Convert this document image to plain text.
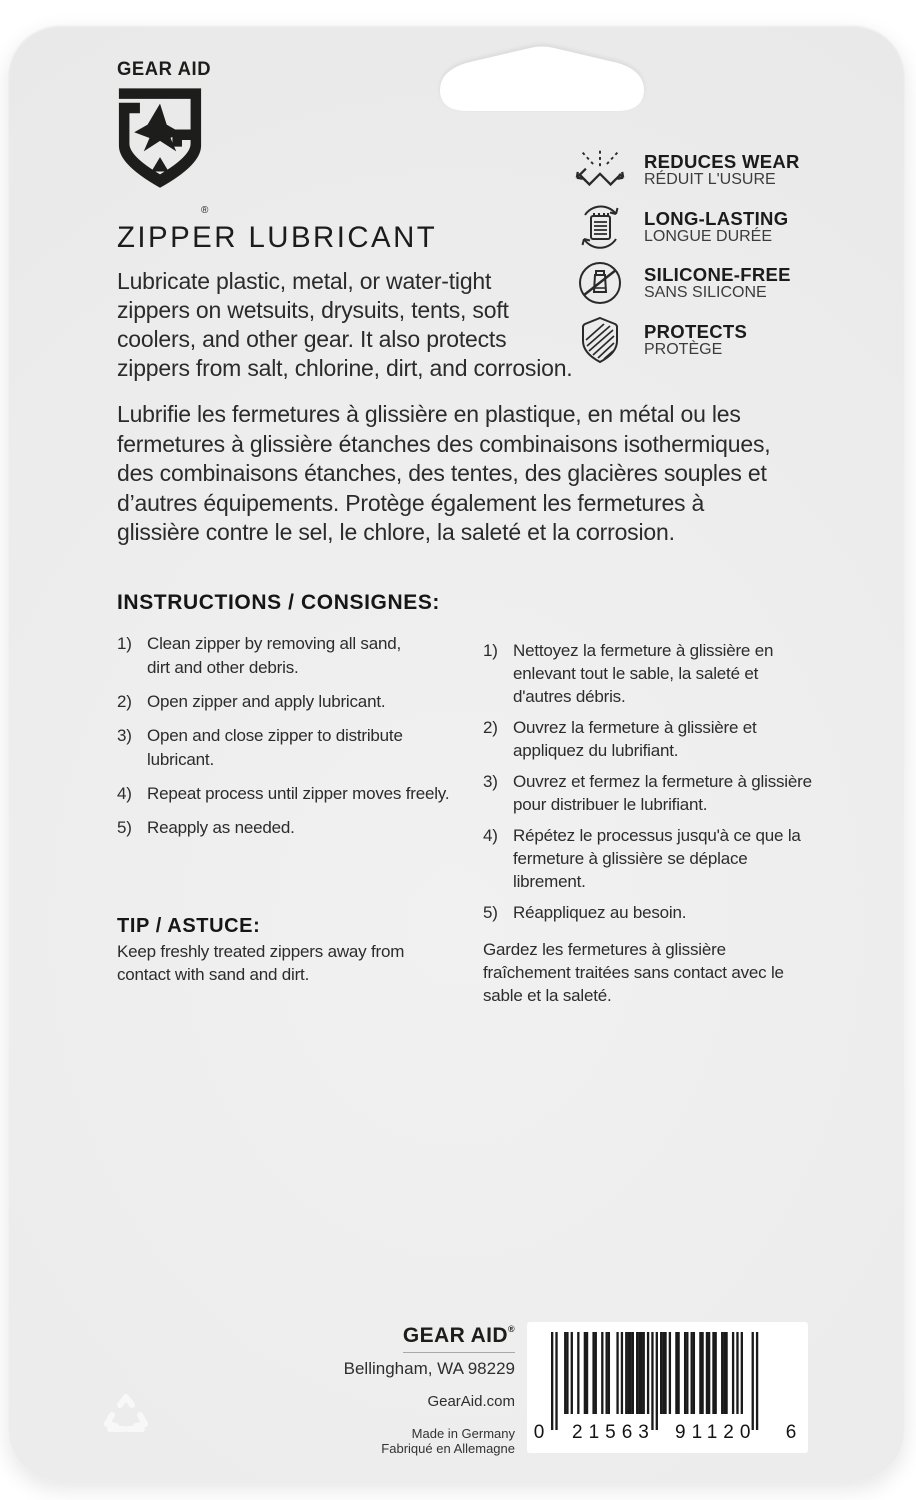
GEAR AID
®
ZIPPER LUBRICANT
Lubricate plastic, metal, or water-tight
zippers on wetsuits, drysuits, tents, soft
coolers, and other gear. It also protects
zippers from salt, chlorine, dirt, and corrosion.
Lubrifie les fermetures à glissière en plastique, en métal ou les
fermetures à glissière étanches des combinaisons isothermiques,
des combinaisons étanches, des tentes, des glacières souples et
d’autres équipements. Protège également les fermetures à
glissière contre le sel, le chlore, la saleté et la corrosion.
REDUCES WEAR
RÉDUIT L'USURE
LONG-LASTING
LONGUE DURÉE
SILICONE-FREE
SANS SILICONE
PROTECTS
PROTÈGE
INSTRUCTIONS / CONSIGNES:
1) Clean zipper by removing all sand,
dirt and other debris.
2) Open zipper and apply lubricant.
3) Open and close zipper to distribute
lubricant.
4) Repeat process until zipper moves freely.
5) Reapply as needed.
1) Nettoyez la fermeture à glissière en
enlevant tout le sable, la saleté et
d'autres débris.
2) Ouvrez la fermeture à glissière et
appliquez du lubrifiant.
3) Ouvrez et fermez la fermeture à glissière
pour distribuer le lubrifiant.
4) Répétez le processus jusqu'à ce que la
fermeture à glissière se déplace
librement.
5) Réappliquez au besoin.
TIP / ASTUCE:
Keep freshly treated zippers away from
contact with sand and dirt.
Gardez les fermetures à glissière
fraîchement traitées sans contact avec le
sable et la saleté.
GEAR AID®
Bellingham, WA 98229
GearAid.com
Made in Germany
Fabriqué en Allemagne
0 21563 91120 6
